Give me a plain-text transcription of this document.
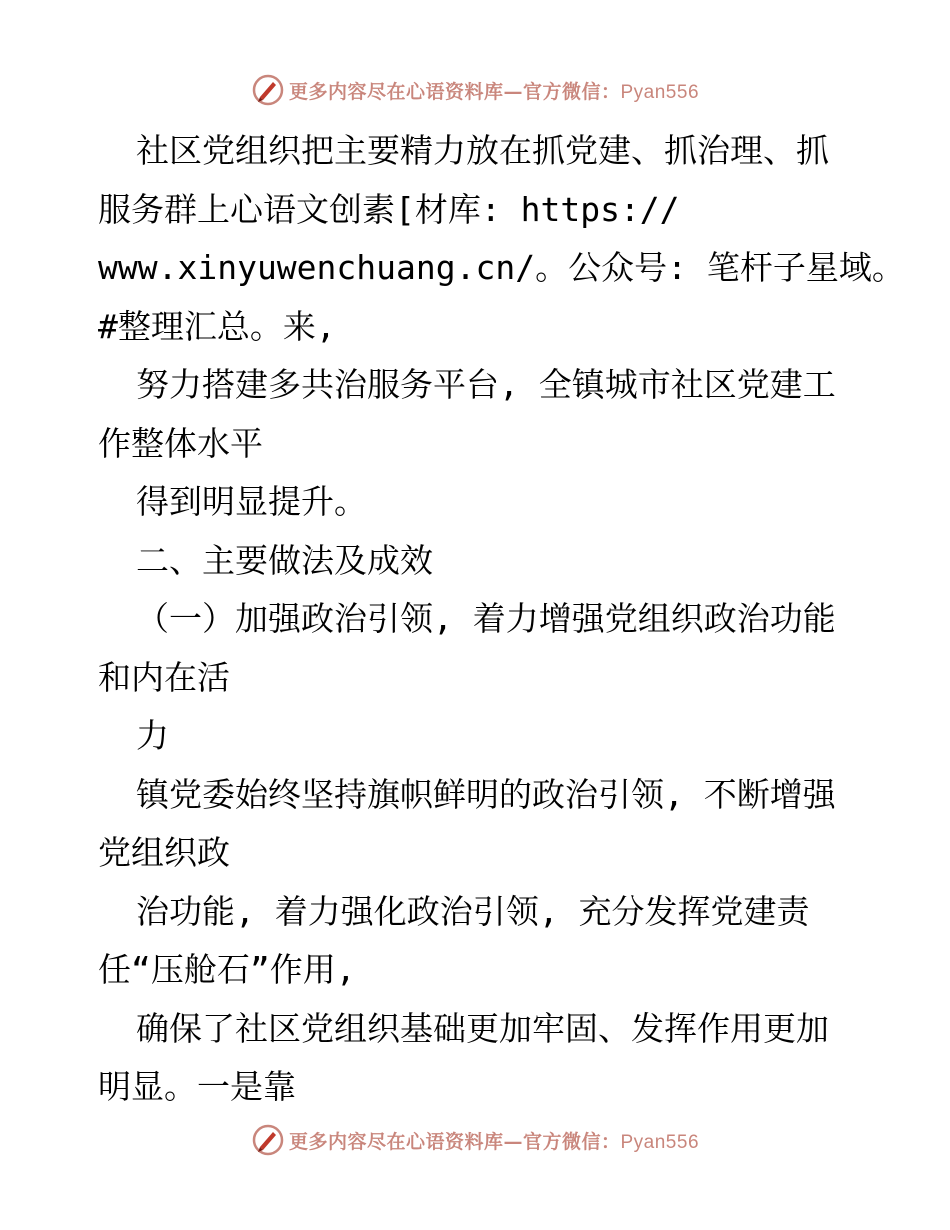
更多内容尽在心语资料库—官方微信：Pyan556
社区党组织把主要精力放在抓党建、抓治理、抓
服务群上心语文创素[材库: https://
www.xinyuwenchuang.cn/。公众号: 笔杆子星域。
#整理汇总。来,
努力搭建多共治服务平台, 全镇城市社区党建工
作整体水平
得到明显提升。
二、主要做法及成效
（一）加强政治引领, 着力增强党组织政治功能
和内在活
力
镇党委始终坚持旗帜鲜明的政治引领, 不断增强
党组织政
治功能, 着力强化政治引领, 充分发挥党建责
任“压舱石”作用,
确保了社区党组织基础更加牢固、发挥作用更加
明显。一是靠
更多内容尽在心语资料库—官方微信：Pyan556
